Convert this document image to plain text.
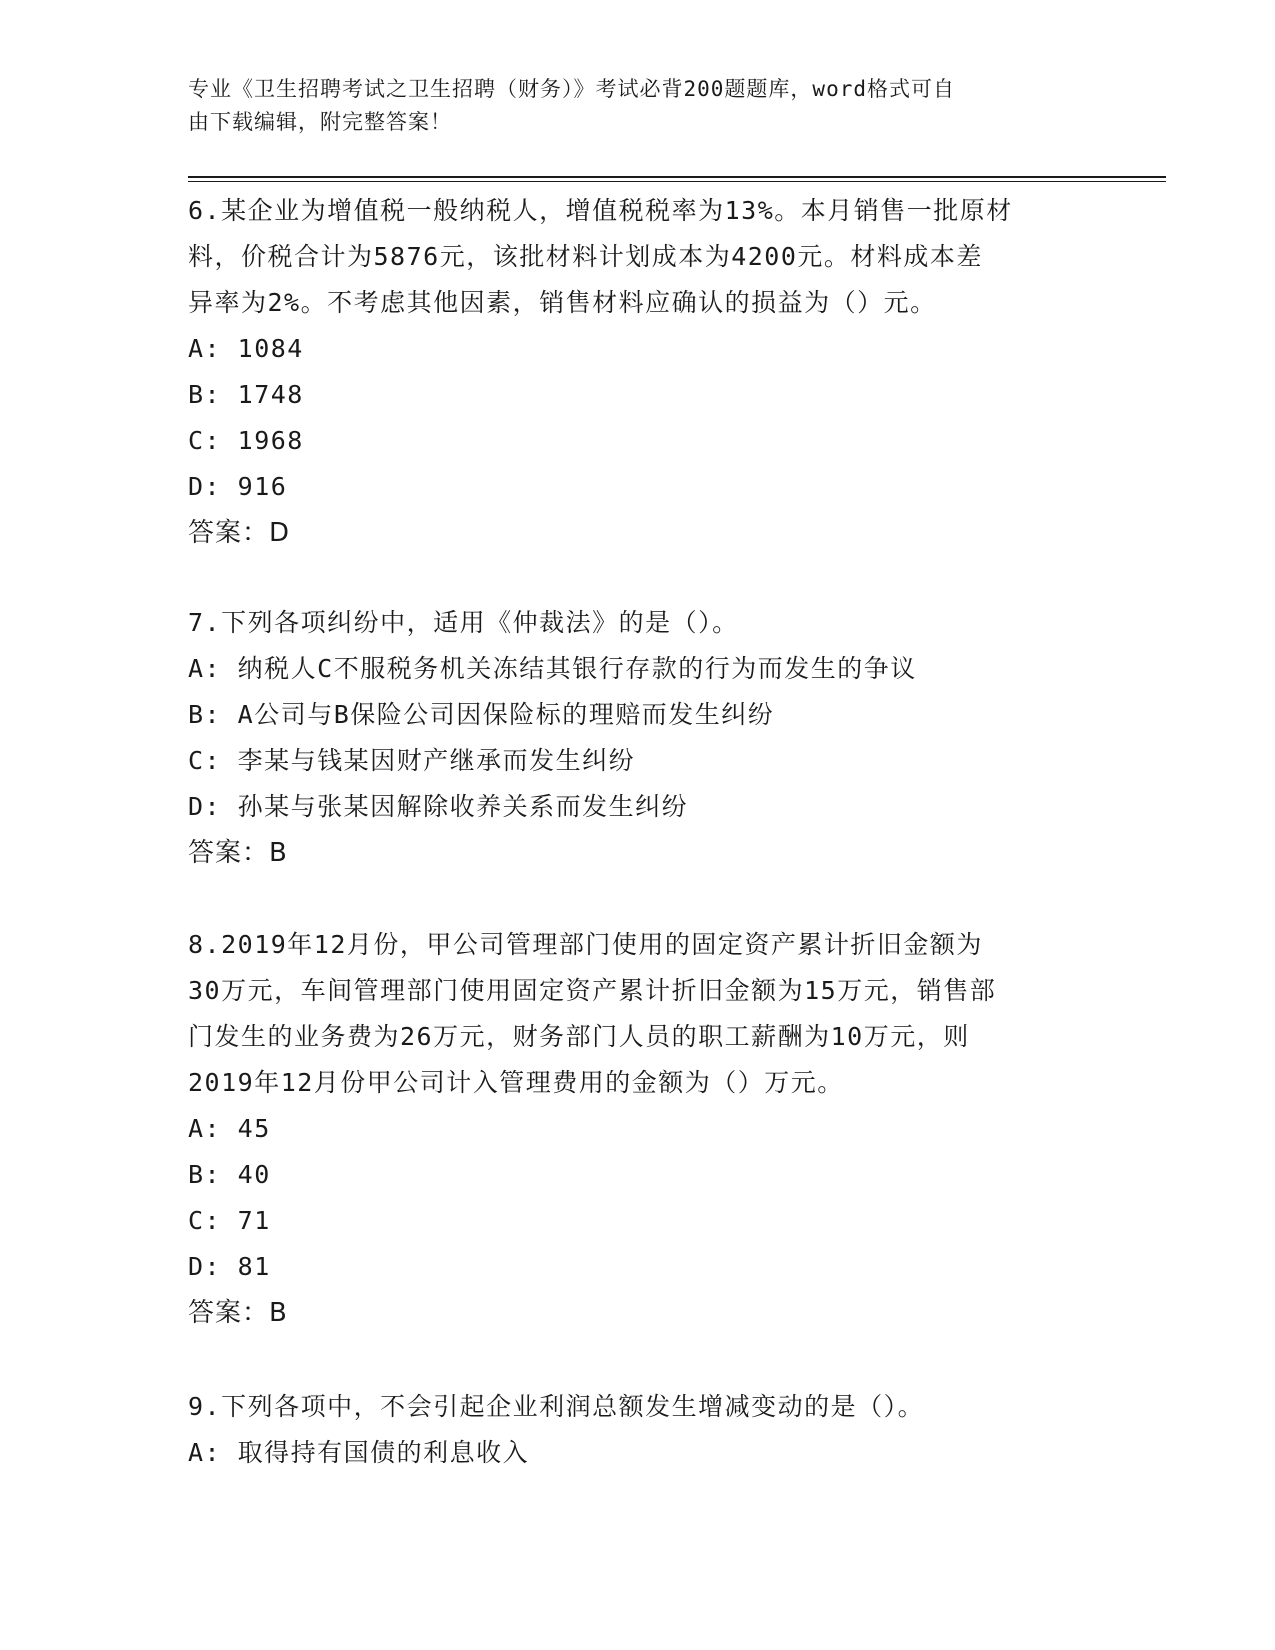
专业《卫生招聘考试之卫生招聘（财务）》考试必背200题题库，word格式可自
由下载编辑，附完整答案！

6.某企业为增值税一般纳税人，增值税税率为13%。本月销售一批原材

料，价税合计为5876元，该批材料计划成本为4200元。材料成本差

异率为2%。不考虑其他因素，销售材料应确认的损益为（）元。

A: 1084

B: 1748

C: 1968

D: 916

答案：D

7.下列各项纠纷中，适用《仲裁法》的是（）。

A: 纳税人C不服税务机关冻结其银行存款的行为而发生的争议

B: A公司与B保险公司因保险标的理赔而发生纠纷

C: 李某与钱某因财产继承而发生纠纷

D: 孙某与张某因解除收养关系而发生纠纷

答案：B

8.2019年12月份，甲公司管理部门使用的固定资产累计折旧金额为

30万元，车间管理部门使用固定资产累计折旧金额为15万元，销售部

门发生的业务费为26万元，财务部门人员的职工薪酬为10万元，则

2019年12月份甲公司计入管理费用的金额为（）万元。

A: 45

B: 40

C: 71

D: 81

答案：B

9.下列各项中，不会引起企业利润总额发生增减变动的是（）。

A: 取得持有国债的利息收入
